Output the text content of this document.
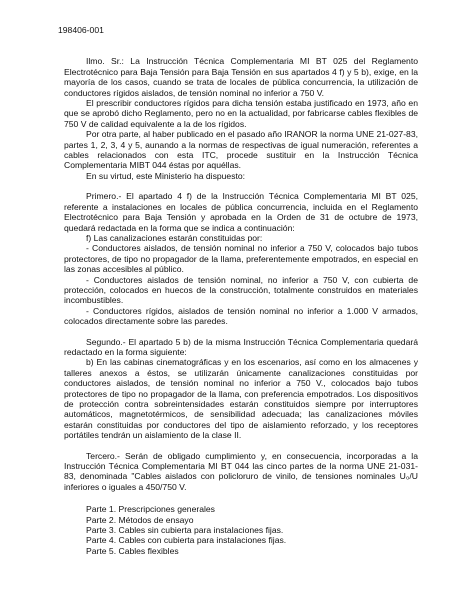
198406-001

Ilmo. Sr.: La Instrucción Técnica Complementaria MI BT 025 del Reglamento Electrotécnico para Baja Tensión para Baja Tensión en sus apartados 4 f) y 5 b), exige, en la mayoría de los casos, cuando se trata de locales de pública concurrencia, la utilización de conductores rígidos aislados, de tensión nominal no inferior a 750 V.

El prescribir conductores rígidos para dicha tensión estaba justificado en 1973, año en que se aprobó dicho Reglamento, pero no en la actualidad, por fabricarse cables flexibles de 750 V de calidad equivalente a la de los rígidos.

Por otra parte, al haber publicado en el pasado año IRANOR la norma UNE 21-027-83, partes 1, 2, 3, 4 y 5, aunando a la normas de respectivas de igual numeración, referentes a cables relacionados con esta ITC, procede sustituir en la Instrucción Técnica Complementaria MIBT 044 éstas por aquéllas.

En su virtud, este Ministerio ha dispuesto:

Primero.- El apartado 4 f) de la Instrucción Técnica Complementaria MI BT 025, referente a instalaciones en locales de pública concurrencia, incluida en el Reglamento Electrotécnico para Baja Tensión y aprobada en la Orden de 31 de octubre de 1973, quedará redactada en la forma que se indica a continuación:

f) Las canalizaciones estarán constituidas por:

- Conductores aislados, de tensión nominal no inferior a 750 V, colocados bajo tubos protectores, de tipo no propagador de la llama, preferentemente empotrados, en especial en las zonas accesibles al público.

- Conductores aislados de tensión nominal, no inferior a 750 V, con cubierta de protección, colocados en huecos de la construcción, totalmente construidos en materiales incombustibles.

- Conductores rígidos, aislados de tensión nominal no inferior a 1.000 V armados, colocados directamente sobre las paredes.

Segundo.- El apartado 5 b) de la misma Instrucción Técnica Complementaria quedará redactado en la forma siguiente:

b) En las cabinas cinematográficas y en los escenarios, así como en los almacenes y talleres anexos a éstos, se utilizarán únicamente canalizaciones constituidas por conductores aislados, de tensión nominal no inferior a 750 V., colocados bajo tubos protectores de tipo no propagador de la llama, con preferencia empotrados. Los dispositivos de protección contra sobreintensidades estarán constituidos siempre por interruptores automáticos, magnetotérmicos, de sensibilidad adecuada; las canalizaciones móviles estarán constituidas por conductores del tipo de aislamiento reforzado, y los receptores portátiles tendrán un aislamiento de la clase II.

Tercero.- Serán de obligado cumplimiento y, en consecuencia, incorporadas a la Instrucción Técnica Complementaria MI BT 044 las cinco partes de la norma UNE 21-031-83, denominada "Cables aislados con policloruro de vinilo, de tensiones nominales U₀/U inferiores o iguales a 450/750 V.

Parte 1. Prescripciones generales
Parte 2. Métodos de ensayo
Parte 3. Cables sin cubierta para instalaciones fijas.
Parte 4. Cables con cubierta para instalaciones fijas.
Parte 5. Cables flexibles
